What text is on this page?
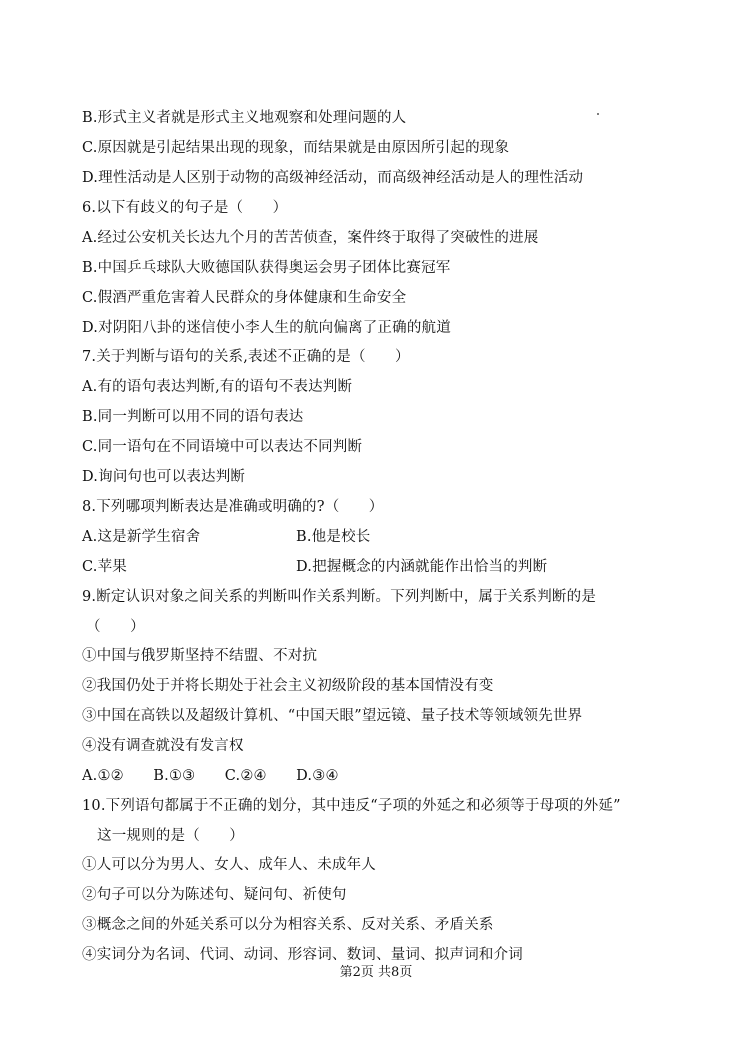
B.形式主义者就是形式主义地观察和处理问题的人
C.原因就是引起结果出现的现象，而结果就是由原因所引起的现象
D.理性活动是人区别于动物的高级神经活动，而高级神经活动是人的理性活动
6.以下有歧义的句子是（　　）
A.经过公安机关长达九个月的苦苦侦查，案件终于取得了突破性的进展
B.中国乒乓球队大败德国队获得奥运会男子团体比赛冠军
C.假酒严重危害着人民群众的身体健康和生命安全
D.对阴阳八卦的迷信使小李人生的航向偏离了正确的航道
7.关于判断与语句的关系,表述不正确的是（　　）
A.有的语句表达判断,有的语句不表达判断
B.同一判断可以用不同的语句表达
C.同一语句在不同语境中可以表达不同判断
D.询问句也可以表达判断
8.下列哪项判断表达是准确或明确的?（　　）
A.这是新学生宿舍	B.他是校长
C.苹果	D.把握概念的内涵就能作出恰当的判断
9.断定认识对象之间关系的判断叫作关系判断。下列判断中，属于关系判断的是
（　　）
①中国与俄罗斯坚持不结盟、不对抗
②我国仍处于并将长期处于社会主义初级阶段的基本国情没有变
③中国在高铁以及超级计算机、“中国天眼”望远镜、量子技术等领域领先世界
④没有调查就没有发言权
A.①②　　B.①③　　C.②④　　D.③④
10.下列语句都属于不正确的划分，其中违反“子项的外延之和必须等于母项的外延”
这一规则的是（　　）
①人可以分为男人、女人、成年人、未成年人
②句子可以分为陈述句、疑问句、祈使句
③概念之间的外延关系可以分为相容关系、反对关系、矛盾关系
④实词分为名词、代词、动词、形容词、数词、量词、拟声词和介词
第2页 共8页
